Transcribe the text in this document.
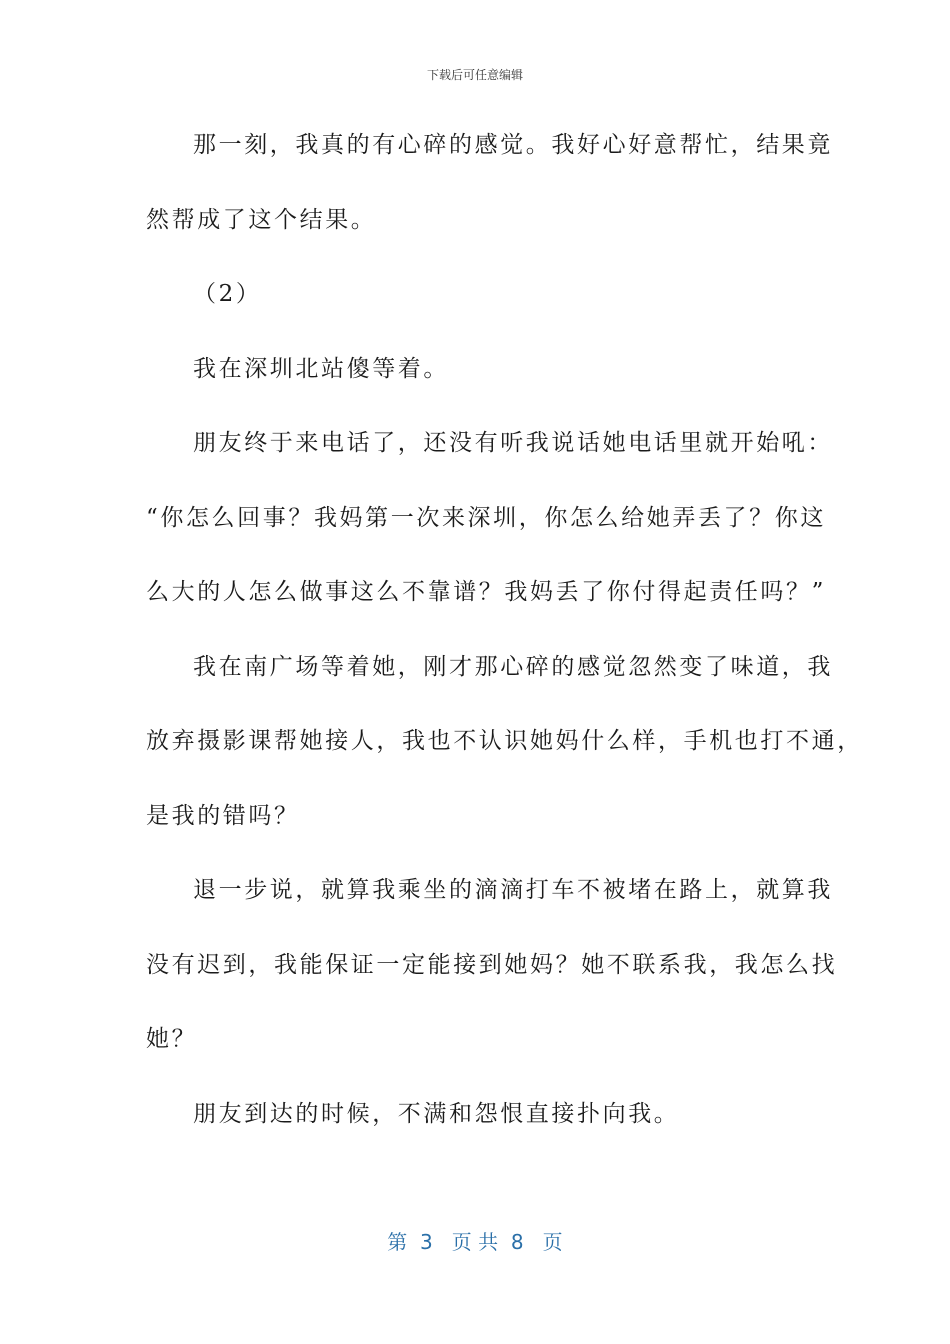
下载后可任意编辑
那一刻，我真的有心碎的感觉。我好心好意帮忙，结果竟
然帮成了这个结果。
（2）
我在深圳北站傻等着。
朋友终于来电话了，还没有听我说话她电话里就开始吼：
“你怎么回事？我妈第一次来深圳，你怎么给她弄丢了？你这
么大的人怎么做事这么不靠谱？我妈丢了你付得起责任吗？”
我在南广场等着她，刚才那心碎的感觉忽然变了味道，我
放弃摄影课帮她接人，我也不认识她妈什么样，手机也打不通，
是我的错吗？
退一步说，就算我乘坐的滴滴打车不被堵在路上，就算我
没有迟到，我能保证一定能接到她妈？她不联系我，我怎么找
她？
朋友到达的时候，不满和怨恨直接扑向我。
第  3   页 共  8   页
